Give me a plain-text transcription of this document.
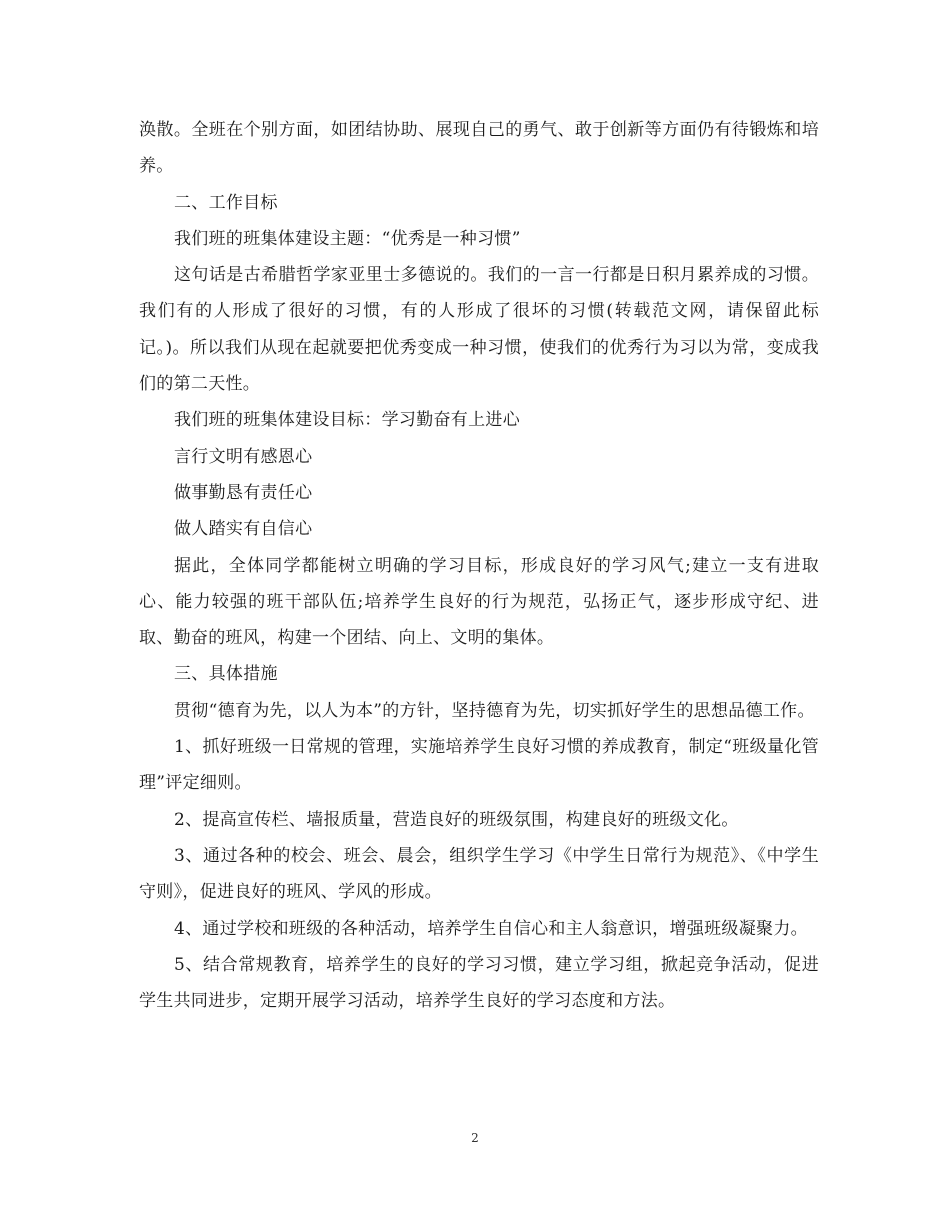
涣散。全班在个别方面，如团结协助、展现自己的勇气、敢于创新等方面仍有待锻炼和培养。

二、工作目标

我们班的班集体建设主题：“优秀是一种习惯”

这句话是古希腊哲学家亚里士多德说的。我们的一言一行都是日积月累养成的习惯。我们有的人形成了很好的习惯，有的人形成了很坏的习惯(转载范文网，请保留此标记。)。所以我们从现在起就要把优秀变成一种习惯，使我们的优秀行为习以为常，变成我们的第二天性。

我们班的班集体建设目标：学习勤奋有上进心

言行文明有感恩心

做事勤恳有责任心

做人踏实有自信心

据此，全体同学都能树立明确的学习目标，形成良好的学习风气;建立一支有进取心、能力较强的班干部队伍;培养学生良好的行为规范，弘扬正气，逐步形成守纪、进取、勤奋的班风，构建一个团结、向上、文明的集体。

三、具体措施

贯彻“德育为先，以人为本”的方针，坚持德育为先，切实抓好学生的思想品德工作。

1、抓好班级一日常规的管理，实施培养学生良好习惯的养成教育，制定“班级量化管理”评定细则。

2、提高宣传栏、墙报质量，营造良好的班级氛围，构建良好的班级文化。

3、通过各种的校会、班会、晨会，组织学生学习《中学生日常行为规范》、《中学生守则》，促进良好的班风、学风的形成。

4、通过学校和班级的各种活动，培养学生自信心和主人翁意识，增强班级凝聚力。

5、结合常规教育，培养学生的良好的学习习惯，建立学习组，掀起竞争活动，促进学生共同进步，定期开展学习活动，培养学生良好的学习态度和方法。

2
